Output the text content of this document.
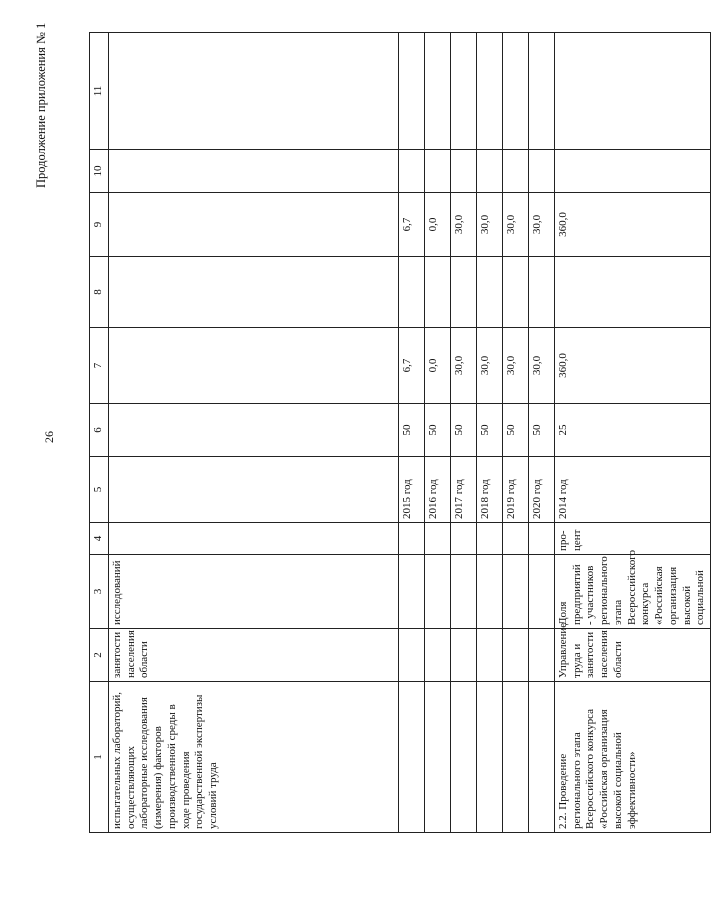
26
Продолжение приложения № 1
1	2	3	4	5	6	7	8	9	10	11
испытательных лабораторий, осуществляющих лабораторные исследования (измерения) факторов производственной среды в ходе проведения государственной экспертизы условий труда	занятости населения области	исследований								
				2015 год	50	6,7		6,7		
				2016 год	50	0,0		0,0		
				2017 год	50	30,0		30,0		
				2018 год	50	30,0		30,0		
				2019 год	50	30,0		30,0		
				2020 год	50	30,0		30,0		
2.2. Проведение регионального этапа Всероссийского конкурса «Российская организация высокой социальной эффективности»	Управление труда и занятости населения области	Доля предприятий - участников регионального этапа Всероссийского конкурса «Российская организация высокой социальной	про-цент	2014 год	25	360,0		360,0		
